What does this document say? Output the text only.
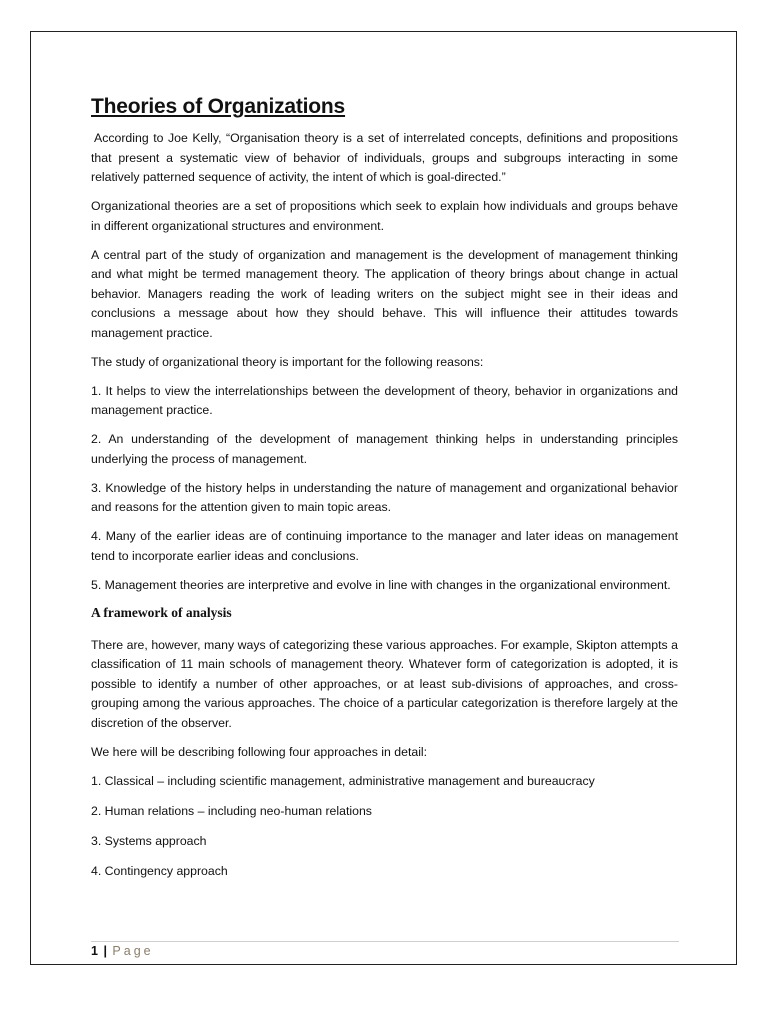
Theories of Organizations

According to Joe Kelly, “Organisation theory is a set of interrelated concepts, definitions and propositions that present a systematic view of behavior of individuals, groups and subgroups interacting in some relatively patterned sequence of activity, the intent of which is goal-directed.”

Organizational theories are a set of propositions which seek to explain how individuals and groups behave in different organizational structures and environment.

A central part of the study of organization and management is the development of management thinking and what might be termed management theory. The application of theory brings about change in actual behavior. Managers reading the work of leading writers on the subject might see in their ideas and conclusions a message about how they should behave. This will influence their attitudes towards management practice.

The study of organizational theory is important for the following reasons:

1. It helps to view the interrelationships between the development of theory, behavior in organizations and management practice.

2. An understanding of the development of management thinking helps in understanding principles underlying the process of management.

3. Knowledge of the history helps in understanding the nature of management and organizational behavior and reasons for the attention given to main topic areas.

4. Many of the earlier ideas are of continuing importance to the manager and later ideas on management tend to incorporate earlier ideas and conclusions.

5. Management theories are interpretive and evolve in line with changes in the organizational environment.

A framework of analysis

There are, however, many ways of categorizing these various approaches. For example, Skipton attempts a classification of 11 main schools of management theory. Whatever form of categorization is adopted, it is possible to identify a number of other approaches, or at least sub-divisions of approaches, and cross-grouping among the various approaches. The choice of a particular categorization is therefore largely at the discretion of the observer.

We here will be describing following four approaches in detail:

1. Classical – including scientific management, administrative management and bureaucracy

2. Human relations – including neo-human relations

3. Systems approach

4. Contingency approach

1 | Page
